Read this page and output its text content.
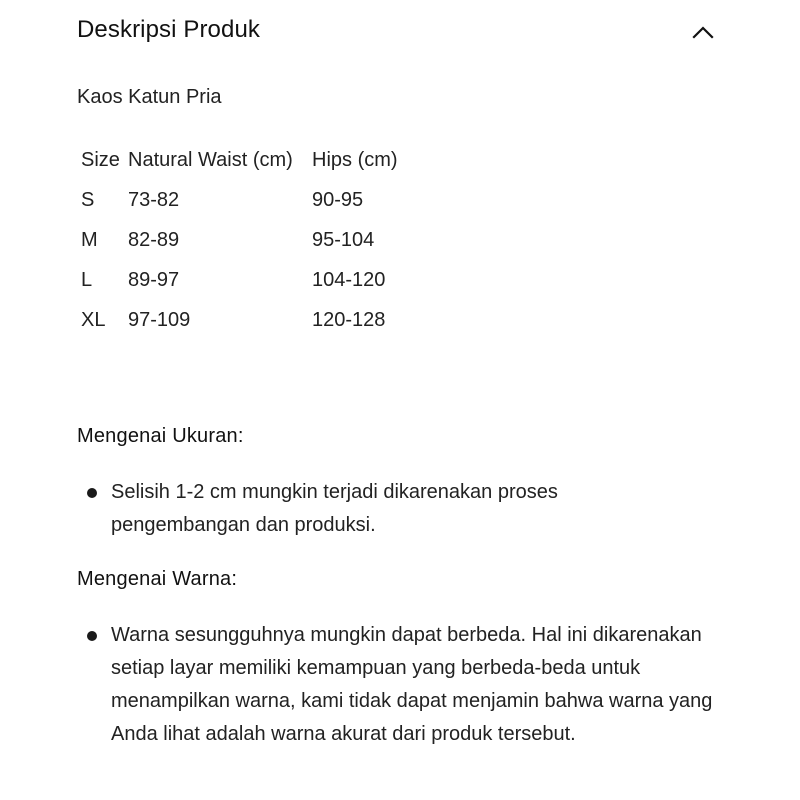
Deskripsi Produk
Kaos Katun Pria
Size	Natural Waist (cm)	Hips (cm)
S	73-82	90-95
M	82-89	95-104
L	89-97	104-120
XL	97-109	120-128
Mengenai Ukuran:
Selisih 1-2 cm mungkin terjadi dikarenakan proses pengembangan dan produksi.
Mengenai Warna:
Warna sesungguhnya mungkin dapat berbeda. Hal ini dikarenakan setiap layar memiliki kemampuan yang berbeda-beda untuk menampilkan warna, kami tidak dapat menjamin bahwa warna yang Anda lihat adalah warna akurat dari produk tersebut.
